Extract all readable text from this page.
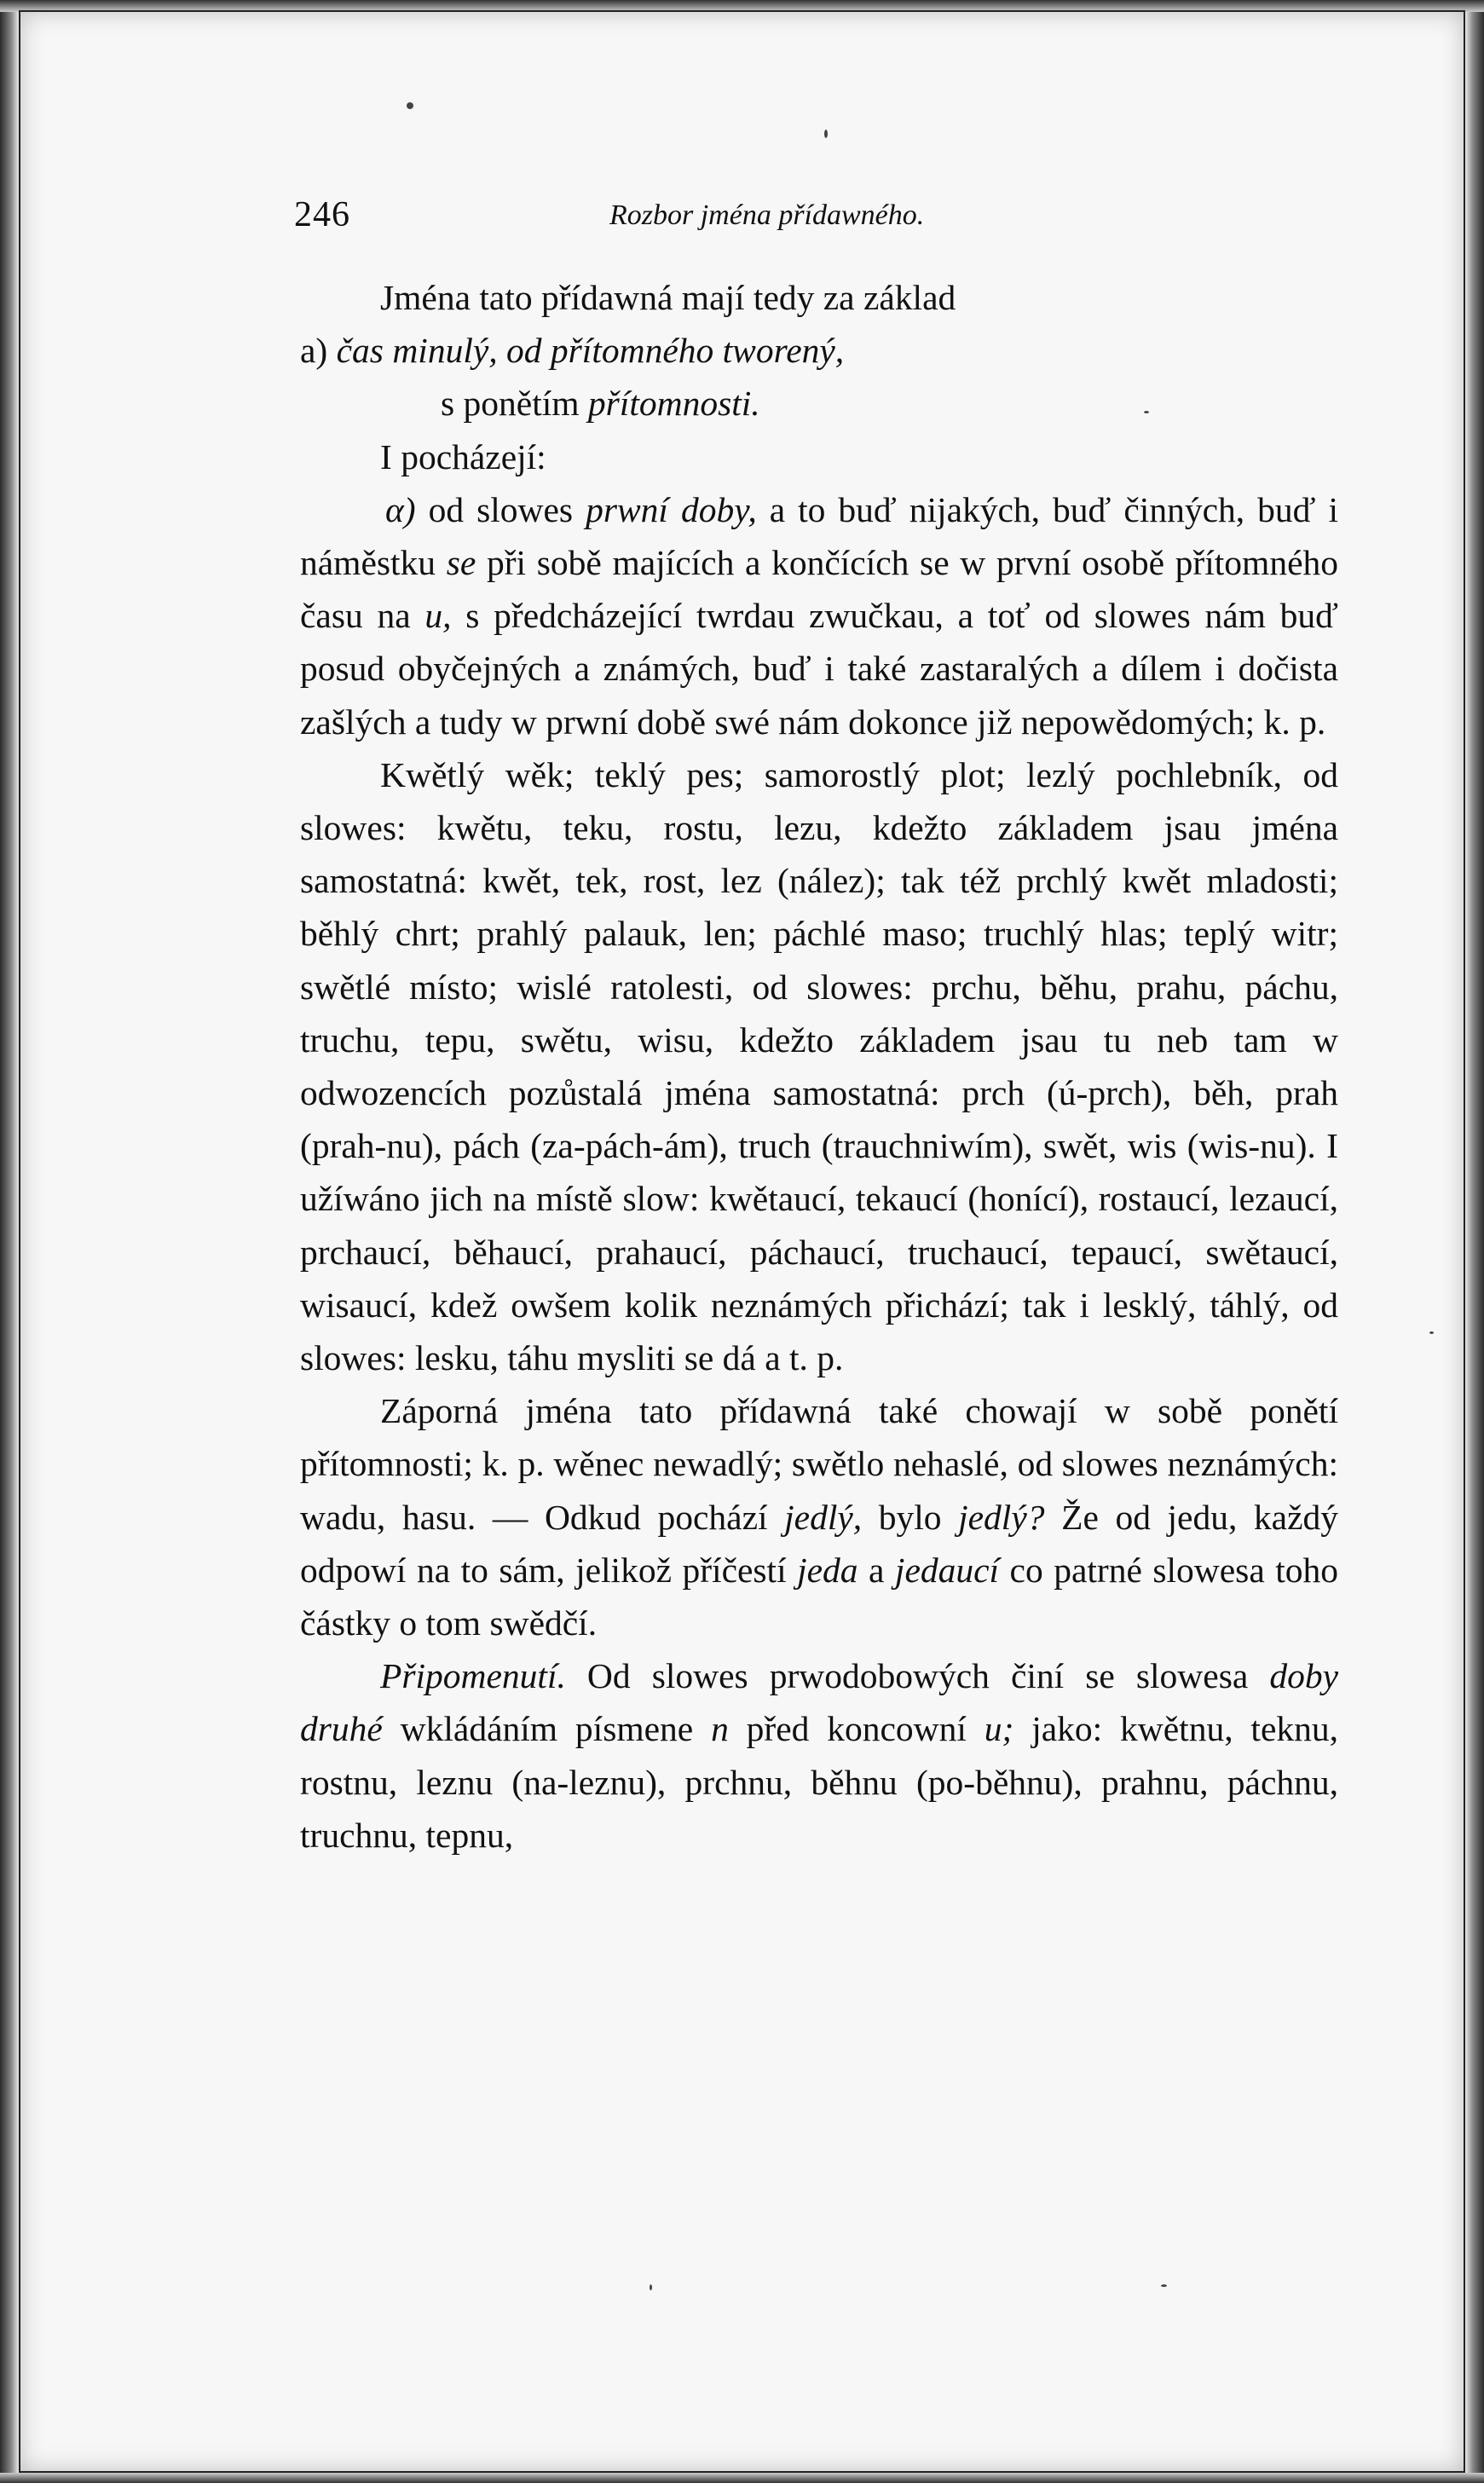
246	Rozbor jména přídawného.

Jména tato přídawná mají tedy za základ

a) čas minulý, od přítomného tworený,

s ponětím přítomnosti.

I pocházejí:

α) od slowes prwní doby, a to buď nijakých, buď činných, buď i náměstku se při sobě majících a končících se w první osobě přítomného času na u, s předcházející twrdau zwučkau, a toť od slowes nám buď posud obyčejných a známých, buď i také zastaralých a dílem i dočista zašlých a tudy w prwní době swé nám dokonce již nepowědomých; k. p.

Kwětlý wěk; teklý pes; samorostlý plot; lezlý pochlebník, od slowes: kwětu, teku, rostu, lezu, kdežto základem jsau jména samostatná: kwět, tek, rost, lez (nález); tak též prchlý kwět mladosti; běhlý chrt; prahlý palauk, len; páchlé maso; truchlý hlas; teplý witr; swětlé místo; wislé ratolesti, od slowes: prchu, běhu, prahu, páchu, truchu, tepu, swětu, wisu, kdežto základem jsau tu neb tam w odwozencích pozůstalá jména samostatná: prch (ú-prch), běh, prah (prah-nu), pách (za-pách-ám), truch (trauchniwím), swět, wis (wis-nu). I užíwáno jich na místě slow: kwětaucí, tekaucí (honící), rostaucí, lezaucí, prchaucí, běhaucí, prahaucí, páchaucí, truchaucí, tepaucí, swětaucí, wisaucí, kdež owšem kolik neznámých přichází; tak i lesklý, táhlý, od slowes: lesku, táhu mysliti se dá a t. p.

Záporná jména tato přídawná také chowají w sobě ponětí přítomnosti; k. p. wěnec newadlý; swětlo nehaslé, od slowes neznámých: wadu, hasu. — Odkud pochází jedlý, bylo jedlý? Že od jedu, každý odpowí na to sám, jelikož příčestí jeda a jedaucí co patrné slowesa toho částky o tom swědčí.

Připomenutí. Od slowes prwodobowých činí se slowesa doby druhé wkládáním písmene n před koncowní u; jako: kwětnu, teknu, rostnu, leznu (na-leznu), prchnu, běhnu (po-běhnu), prahnu, páchnu, truchnu, tepnu,
